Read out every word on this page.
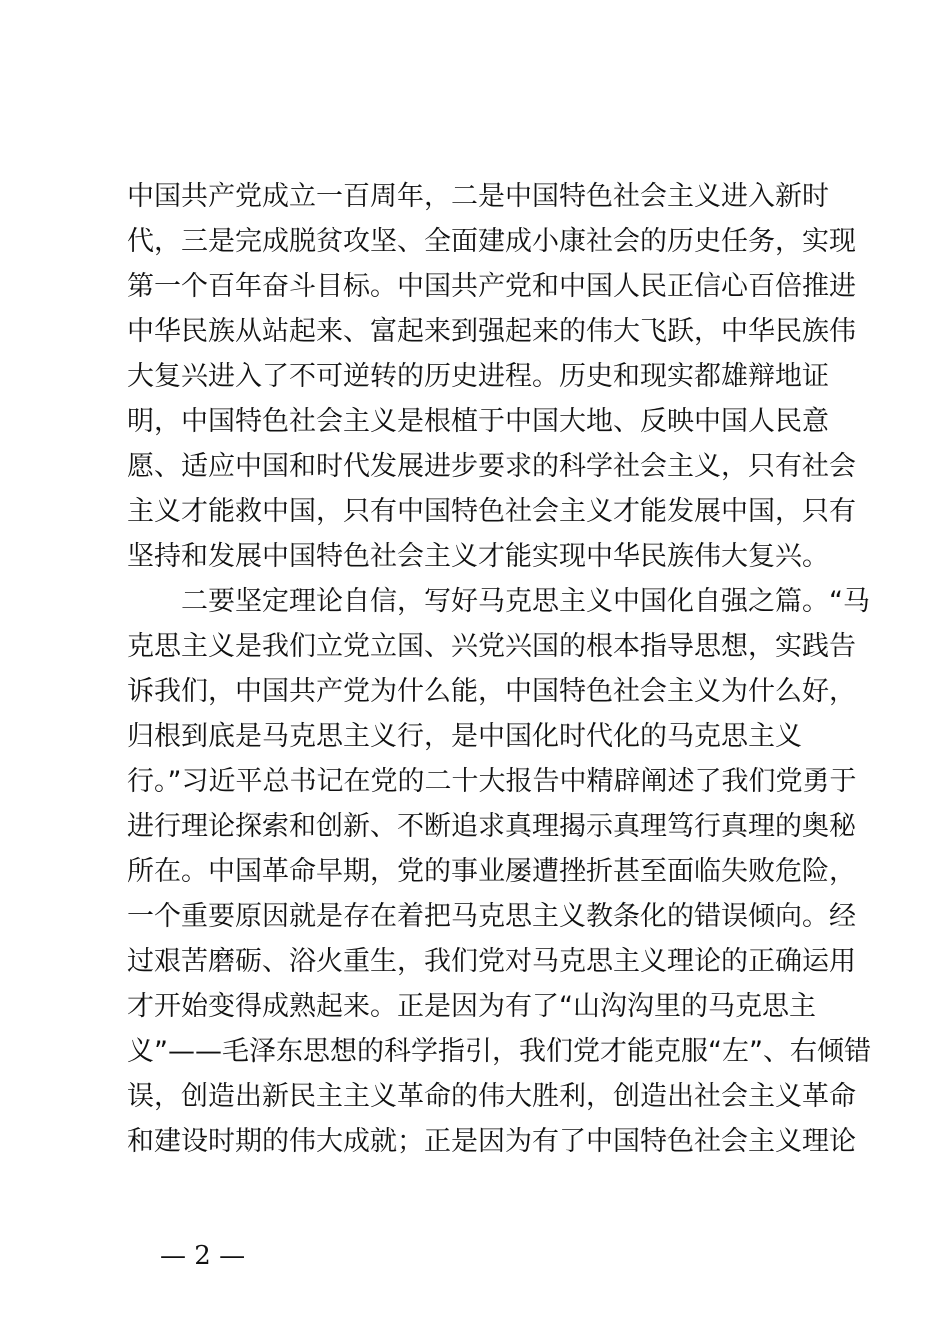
中国共产党成立一百周年，二是中国特色社会主义进入新时
代，三是完成脱贫攻坚、全面建成小康社会的历史任务，实现
第一个百年奋斗目标。中国共产党和中国人民正信心百倍推进
中华民族从站起来、富起来到强起来的伟大飞跃，中华民族伟
大复兴进入了不可逆转的历史进程。历史和现实都雄辩地证
明，中国特色社会主义是根植于中国大地、反映中国人民意
愿、适应中国和时代发展进步要求的科学社会主义，只有社会
主义才能救中国，只有中国特色社会主义才能发展中国，只有
坚持和发展中国特色社会主义才能实现中华民族伟大复兴。
　　二要坚定理论自信，写好马克思主义中国化自强之篇。“马
克思主义是我们立党立国、兴党兴国的根本指导思想，实践告
诉我们，中国共产党为什么能，中国特色社会主义为什么好，
归根到底是马克思主义行，是中国化时代化的马克思主义
行。”习近平总书记在党的二十大报告中精辟阐述了我们党勇于
进行理论探索和创新、不断追求真理揭示真理笃行真理的奥秘
所在。中国革命早期，党的事业屡遭挫折甚至面临失败危险，
一个重要原因就是存在着把马克思主义教条化的错误倾向。经
过艰苦磨砺、浴火重生，我们党对马克思主义理论的正确运用
才开始变得成熟起来。正是因为有了“山沟沟里的马克思主
义”——毛泽东思想的科学指引，我们党才能克服“左”、右倾错
误，创造出新民主主义革命的伟大胜利，创造出社会主义革命
和建设时期的伟大成就；正是因为有了中国特色社会主义理论
— 2 —
